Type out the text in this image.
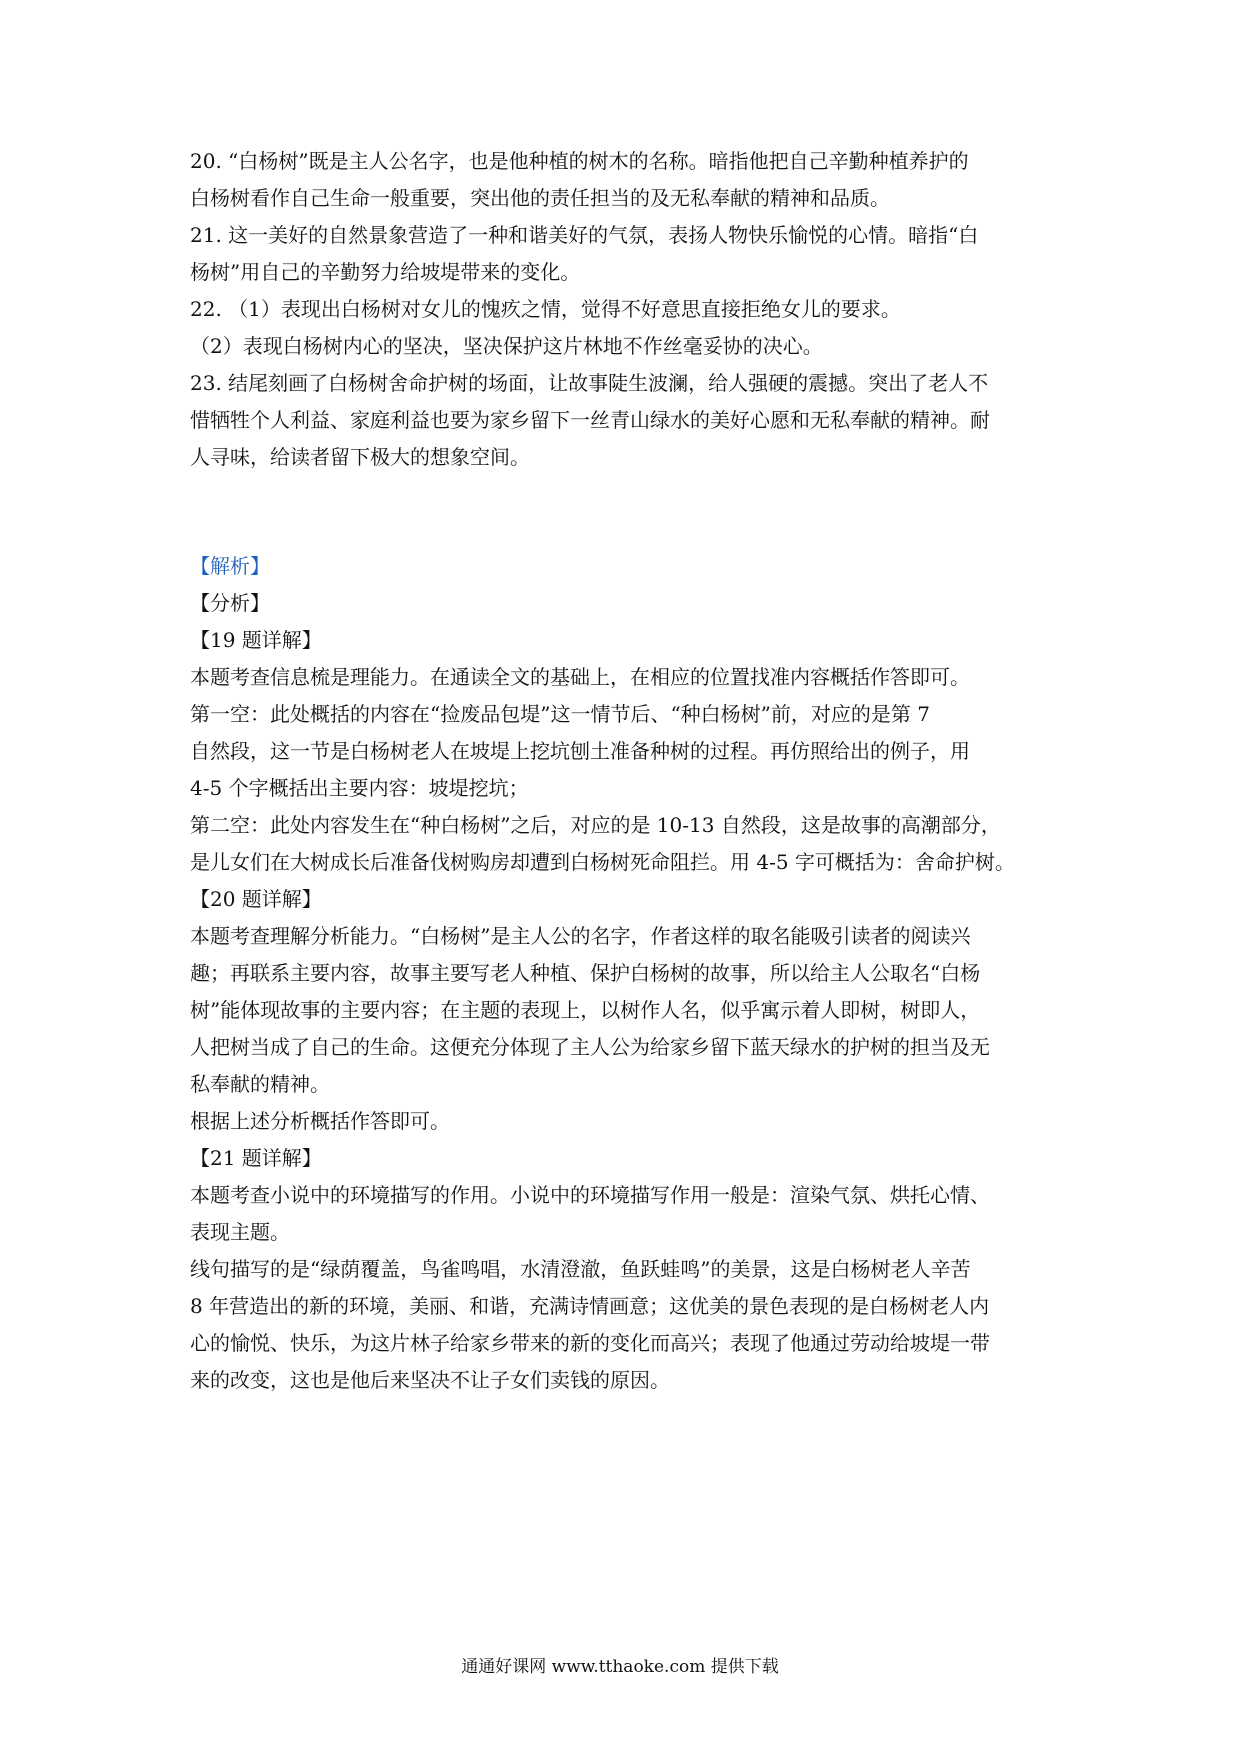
20. “白杨树”既是主人公名字，也是他种植的树木的名称。暗指他把自己辛勤种植养护的

白杨树看作自己生命一般重要，突出他的责任担当的及无私奉献的精神和品质。

21. 这一美好的自然景象营造了一种和谐美好的气氛，表扬人物快乐愉悦的心情。暗指“白

杨树”用自己的辛勤努力给坡堤带来的变化。

22. （1）表现出白杨树对女儿的愧疚之情，觉得不好意思直接拒绝女儿的要求。

（2）表现白杨树内心的坚决，坚决保护这片林地不作丝毫妥协的决心。

23. 结尾刻画了白杨树舍命护树的场面，让故事陡生波澜，给人强硬的震撼。突出了老人不

惜牺牲个人利益、家庭利益也要为家乡留下一丝青山绿水的美好心愿和无私奉献的精神。耐

人寻味，给读者留下极大的想象空间。

【解析】

【分析】

【19 题详解】

本题考查信息梳是理能力。在通读全文的基础上，在相应的位置找准内容概括作答即可。

第一空：此处概括的内容在“捡废品包堤”这一情节后、“种白杨树”前，对应的是第 7

自然段，这一节是白杨树老人在坡堤上挖坑刨土准备种树的过程。再仿照给出的例子，用

4-5 个字概括出主要内容：坡堤挖坑；

第二空：此处内容发生在“种白杨树”之后，对应的是 10-13 自然段，这是故事的高潮部分，

是儿女们在大树成长后准备伐树购房却遭到白杨树死命阻拦。用 4-5 字可概括为：舍命护树。

【20 题详解】

本题考查理解分析能力。“白杨树”是主人公的名字，作者这样的取名能吸引读者的阅读兴

趣；再联系主要内容，故事主要写老人种植、保护白杨树的故事，所以给主人公取名“白杨

树”能体现故事的主要内容；在主题的表现上，以树作人名，似乎寓示着人即树，树即人，

人把树当成了自己的生命。这便充分体现了主人公为给家乡留下蓝天绿水的护树的担当及无

私奉献的精神。

根据上述分析概括作答即可。

【21 题详解】

本题考查小说中的环境描写的作用。小说中的环境描写作用一般是：渲染气氛、烘托心情、

表现主题。

线句描写的是“绿荫覆盖，鸟雀鸣唱，水清澄澈，鱼跃蛙鸣”的美景，这是白杨树老人辛苦

8 年营造出的新的环境，美丽、和谐，充满诗情画意；这优美的景色表现的是白杨树老人内

心的愉悦、快乐，为这片林子给家乡带来的新的变化而高兴；表现了他通过劳动给坡堤一带

来的改变，这也是他后来坚决不让子女们卖钱的原因。

通通好课网 www.tthaoke.com 提供下载
